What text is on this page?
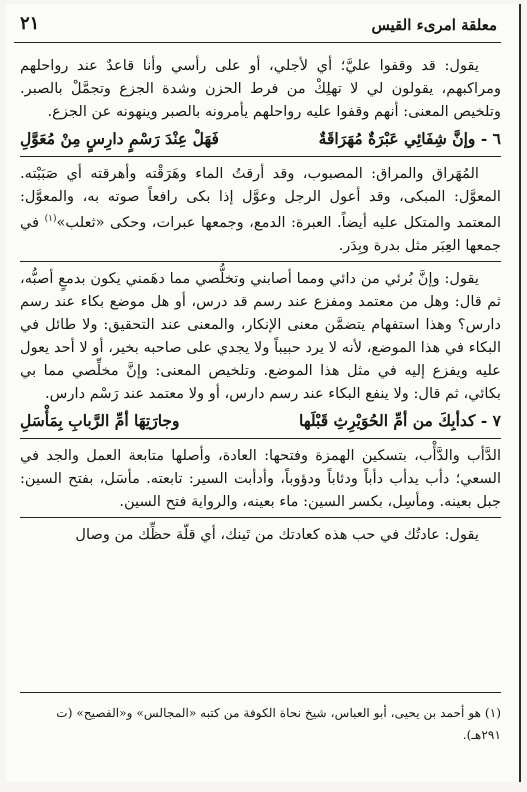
معلقة امرىء القيس
٢١

يقول: قد وقفوا عليَّ؛ أي لأجلي، أو على رأسي وأنا قاعدٌ عند رواحلهم ومراكبهم، يقولون لي لا تهلِكْ من فرط الحزن وشدة الجزع وتجمَّلْ بالصبر. وتلخيص المعنى: أنهم وقفوا عليه رواحلهم يأمرونه بالصبر وينهونه عن الجزع.

٦ - وإنَّ شِفَائِي عَبْرَةٌ مُهَرَاقَةٌ
فَهَلْ عِنْدَ رَسْمٍ دارِسٍ مِنْ مُعَوَّلِ

المُهَراق والمراق: المصبوب، وقد أرقتُ الماء وهَرَقْته وأهرقته أي صَبَبْته. المعوَّل: المبكى، وقد أعول الرجل وعوَّل إذا بكى رافعاً صوته به، والمعوَّل: المعتمد والمتكل عليه أيضاً. العبرة: الدمع، وجمعها عبرات، وحكى «ثعلب»$^{(١)}$ في جمعها العِبَر مثل بدرة وبِدَر.

يقول: وإنَّ بُرئي من دائي ومما أصابني وتخلُّصي مما دهَمني يكون بدمعٍ أصبُّه، ثم قال: وهل من معتمد ومفزع عند رسم قد درس، أو هل موضع بكاء عند رسم دارس؟ وهذا استفهام يتضمَّن معنى الإنكار، والمعنى عند التحقيق: ولا طائل في البكاء في هذا الموضع، لأنه لا يرد حبيباً ولا يجدي على صاحبه بخير، أو لا أحد يعول عليه ويفزع إليه في مثل هذا الموضع. وتلخيص المعنى: وإنَّ مخلِّصي مما بي بكائي، ثم قال: ولا ينفع البكاء عند رسم دارس، أو ولا معتمد عند رَسْم دارس.

٧ - كدأبِكَ من أمِّ الحُوَيْرِثِ قَبْلَها
وجارَتِهَا أمِّ الرَّبابِ بِمَأْسَلِ

الدَّأب والدَّأْب، بتسكين الهمزة وفتحها: العادة، وأصلها متابعة العمل والجد في السعي؛ دأب يدأب دأباً ودئاباً ودؤوباً، وأدأبت السير: تابعته. مأسَل، بفتح السين: جبل بعينه. ومأسِل، بكسر السين: ماء بعينه، والرواية فتح السين.

يقول: عادتُك في حب هذه كعادتك من تَينك، أي قلّة حظِّك من وصال

(١) هو أحمد بن يحيى، أبو العباس، شيخ نحاة الكوفة من كتبه «المجالس» و«الفصيح» (ت ٢٩١هـ).
